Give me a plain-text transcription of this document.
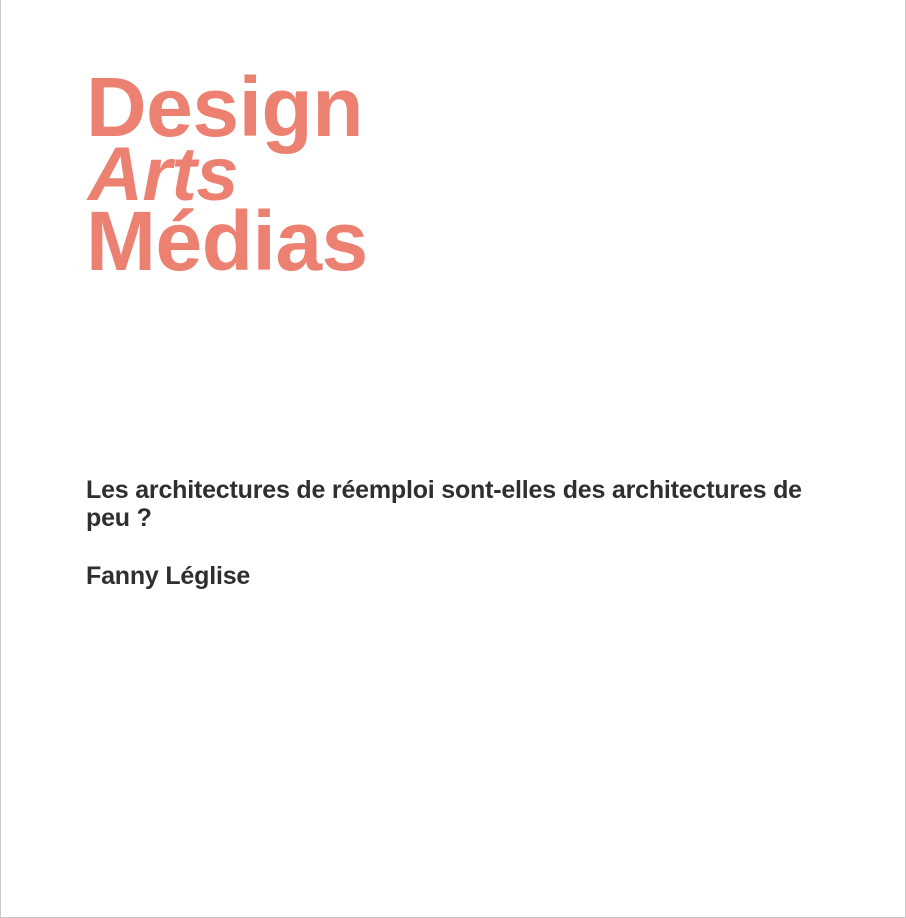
Design
Arts
Médias
Les architectures de réemploi sont-elles des architectures de peu ?

Fanny Léglise
